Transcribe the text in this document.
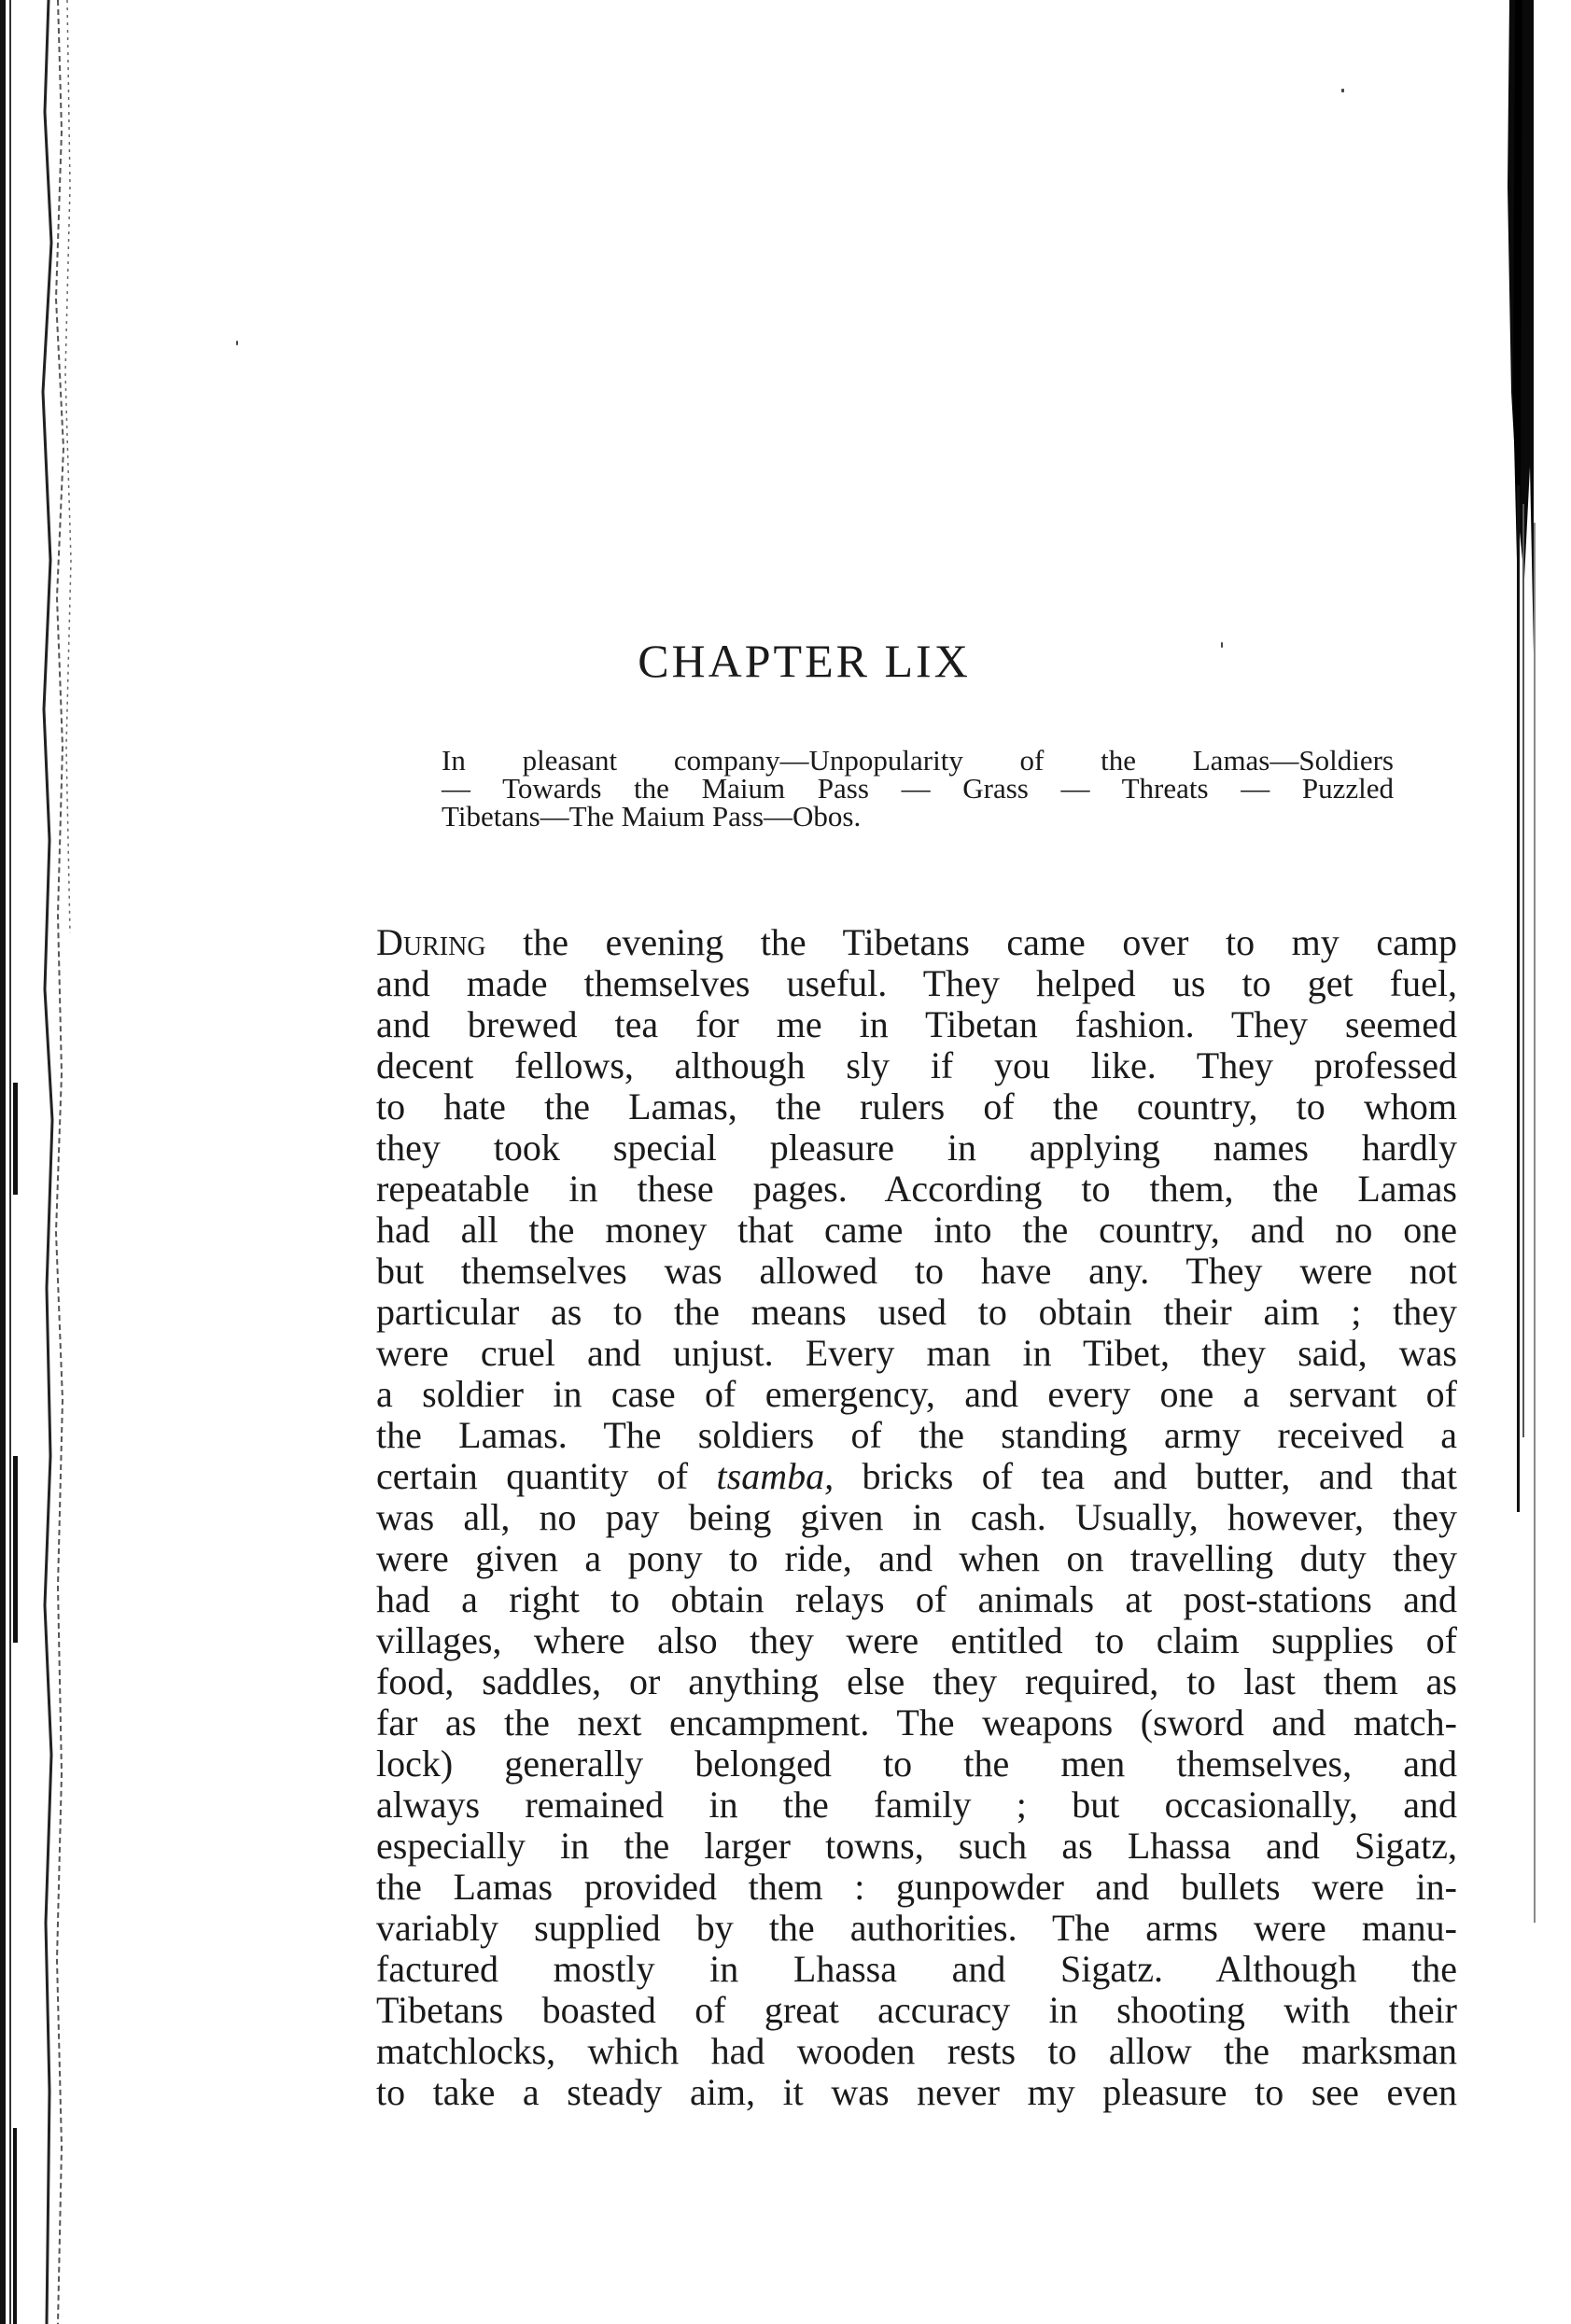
CHAPTER LIX
In pleasant company—Unpopularity of the Lamas—Soldiers
— Towards the Maium Pass — Grass — Threats — Puzzled
Tibetans—The Maium Pass—Obos.
During the evening the Tibetans came over to my camp
and made themselves useful. They helped us to get fuel,
and brewed tea for me in Tibetan fashion. They seemed
decent fellows, although sly if you like. They professed
to hate the Lamas, the rulers of the country, to whom
they took special pleasure in applying names hardly
repeatable in these pages. According to them, the Lamas
had all the money that came into the country, and no one
but themselves was allowed to have any. They were not
particular as to the means used to obtain their aim ; they
were cruel and unjust. Every man in Tibet, they said, was
a soldier in case of emergency, and every one a servant of
the Lamas. The soldiers of the standing army received a
certain quantity of tsamba, bricks of tea and butter, and that
was all, no pay being given in cash. Usually, however, they
were given a pony to ride, and when on travelling duty they
had a right to obtain relays of animals at post-stations and
villages, where also they were entitled to claim supplies of
food, saddles, or anything else they required, to last them as
far as the next encampment. The weapons (sword and match-
lock) generally belonged to the men themselves, and
always remained in the family ; but occasionally, and
especially in the larger towns, such as Lhassa and Sigatz,
the Lamas provided them : gunpowder and bullets were in-
variably supplied by the authorities. The arms were manu-
factured mostly in Lhassa and Sigatz. Although the
Tibetans boasted of great accuracy in shooting with their
matchlocks, which had wooden rests to allow the marksman
to take a steady aim, it was never my pleasure to see even
